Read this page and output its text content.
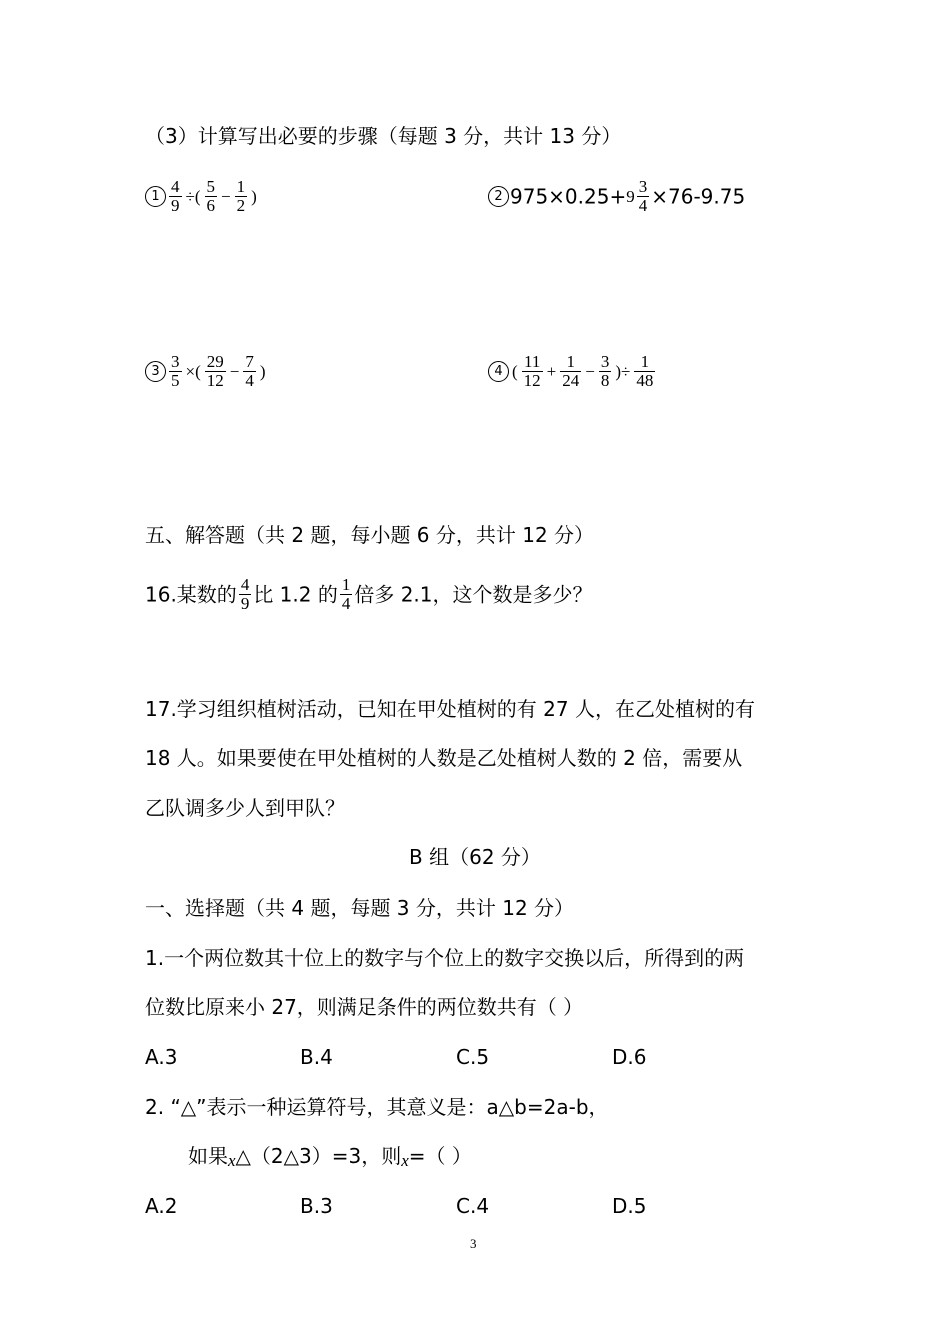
（3）计算写出必要的步骤（每题 3 分，共计 13 分）
$1 \frac{4}{9}$ ÷( $\frac{5}{6} - \frac{1}{2}$ )	2 $975\times 0.25+9 \frac{3}{4} \times 76-9.75$
$3 \frac{3}{5}$ ×( $\frac{29}{12} - \frac{7}{4}$ )	4 ( $\frac{11}{12} + \frac{1}{24} - \frac{3}{8}$ )÷ $\frac{1}{48}$
五、解答题（共 2 题，每小题 6 分，共计 12 分）
16.某数的 $\frac{4}{9}$ 比 1.2 的 $\frac{1}{4}$ 倍多 2.1，这个数是多少？
17.学习组织植树活动，已知在甲处植树的有 27 人，在乙处植树的有
18 人。如果要使在甲处植树的人数是乙处植树人数的 2 倍，需要从
乙队调多少人到甲队？
B 组（62 分）
一、选择题（共 4 题，每题 3 分，共计 12 分）
1.一个两位数其十位上的数字与个位上的数字交换以后，所得到的两
位数比原来小 27，则满足条件的两位数共有（ ）
A.3	B.4	C.5	D.6
2. “△”表示一种运算符号，其意义是：a△b=2a-b，
如果x△（2△3）=3，则x=（ ）
A.2	B.3	C.4	D.5
3
